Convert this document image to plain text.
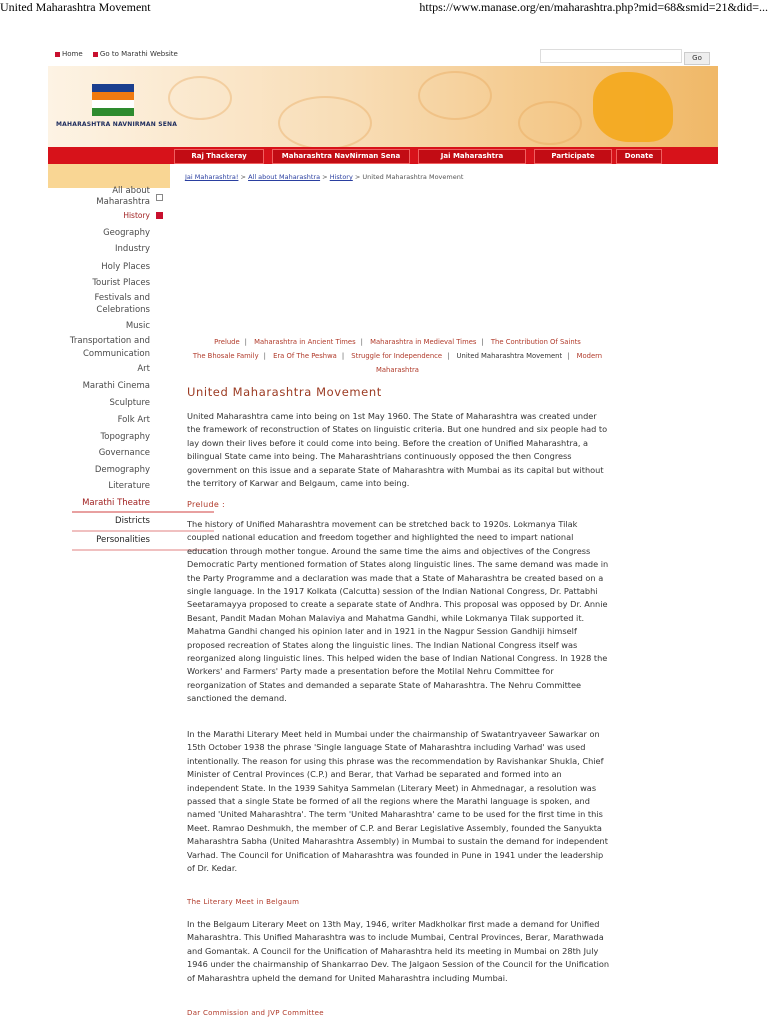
United Maharashtra Movement	https://www.manase.org/en/maharashtra.php?mid=68&smid=21&did=...
Home Go to Marathi Website	Go
MAHARASHTRA NAVNIRMAN SENA
Raj Thackeray	Maharashtra NavNirman Sena	Jai Maharashtra	Participate	Donate
All about
Maharashtra
History
Geography
Industry
Holy Places
Tourist Places
Festivals and
Celebrations
Music
Transportation and
Communication
Art
Marathi Cinema
Sculpture
Folk Art
Topography
Governance
Demography
Literature
Marathi Theatre
Districts
Personalities
Jai Maharashtra! > All about Maharashtra > History > United Maharashtra Movement
Prelude | Maharashtra in Ancient Times | Maharashtra in Medieval Times | The Contribution Of Saints
The Bhosale Family | Era Of The Peshwa | Struggle for Independence | United Maharashtra Movement | Modern Maharashtra
United Maharashtra Movement

United Maharashtra came into being on 1st May 1960. The State of Maharashtra was created under the framework of reconstruction of States on linguistic criteria. But one hundred and six people had to lay down their lives before it could come into being. Before the creation of Unified Maharashtra, a bilingual State came into being. The Maharashtrians continuously opposed the then Congress government on this issue and a separate State of Maharashtra with Mumbai as its capital but without the territory of Karwar and Belgaum, came into being.

Prelude :

The history of Unified Maharashtra movement can be stretched back to 1920s. Lokmanya Tilak coupled national education and freedom together and highlighted the need to impart national education through mother tongue. Around the same time the aims and objectives of the Congress Democratic Party mentioned formation of States along linguistic lines. The same demand was made in the Party Programme and a declaration was made that a State of Maharashtra be created based on a single language. In the 1917 Kolkata (Calcutta) session of the Indian National Congress, Dr. Pattabhi Seetaramayya proposed to create a separate state of Andhra. This proposal was opposed by Dr. Annie Besant, Pandit Madan Mohan Malaviya and Mahatma Gandhi, while Lokmanya Tilak supported it. Mahatma Gandhi changed his opinion later and in 1921 in the Nagpur Session Gandhiji himself proposed recreation of States along the linguistic lines. The Indian National Congress itself was reorganized along linguistic lines. This helped widen the base of Indian National Congress. In 1928 the Workers' and Farmers' Party made a presentation before the Motilal Nehru Committee for reorganization of States and demanded a separate State of Maharashtra. The Nehru Committee sanctioned the demand.

In the Marathi Literary Meet held in Mumbai under the chairmanship of Swatantryaveer Sawarkar on 15th October 1938 the phrase 'Single language State of Maharashtra including Varhad' was used intentionally. The reason for using this phrase was the recommendation by Ravishankar Shukla, Chief Minister of Central Provinces (C.P.) and Berar, that Varhad be separated and formed into an independent State. In the 1939 Sahitya Sammelan (Literary Meet) in Ahmednagar, a resolution was passed that a single State be formed of all the regions where the Marathi language is spoken, and named 'United Maharashtra'. The term 'United Maharashtra' came to be used for the first time in this Meet. Ramrao Deshmukh, the member of C.P. and Berar Legislative Assembly, founded the Sanyukta Maharashtra Sabha (United Maharashtra Assembly) in Mumbai to sustain the demand for independent Varhad. The Council for Unification of Maharashtra was founded in Pune in 1941 under the leadership of Dr. Kedar.

The Literary Meet in Belgaum

In the Belgaum Literary Meet on 13th May, 1946, writer Madkholkar first made a demand for Unified Maharashtra. This Unified Maharashtra was to include Mumbai, Central Provinces, Berar, Marathwada and Gomantak. A Council for the Unification of Maharashtra held its meeting in Mumbai on 28th July 1946 under the chairmanship of Shankarrao Dev. The Jalgaon Session of the Council for the Unification of Maharashtra upheld the demand for United Maharashtra including Mumbai.

Dar Commission and JVP Committee
